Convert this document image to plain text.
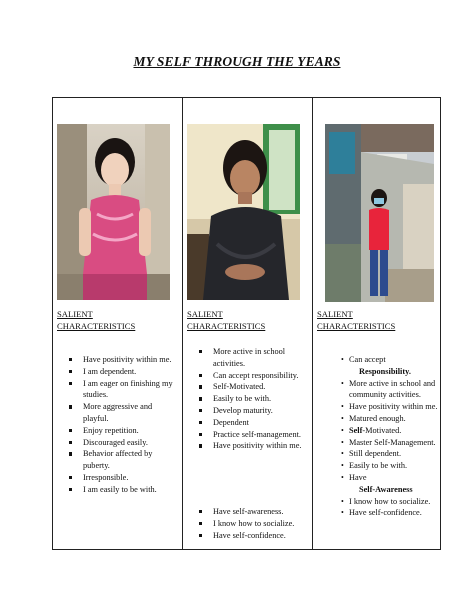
MY SELF THROUGH THE YEARS
SALIENT
CHARACTERISTICS
Have positivity within me.
I am dependent.
I am eager on finishing my studies.
More aggressive and playful.
Enjoy repetition.
Discouraged easily.
Behavior affected by puberty.
Irresponsible.
I am easily to be with.
SALIENT
CHARACTERISTICS
More active in school activities.
Can accept responsibility.
Self-Motivated.
Easily to be with.
Develop maturity.
Dependent
Practice self-management.
Have positivity within me.
Have self-awareness.
I know how to socialize.
Have self-confidence.
SALIENT
CHARACTERISTICS
• Can accept
Responsibility.
• More active in school and community activities.
• Have positivity within me.
• Matured enough.
• Self-Motivated.
• Master Self-Management.
• Still dependent.
• Easily to be with.
• Have
Self-Awareness
• I know how to socialize.
• Have self-confidence.
